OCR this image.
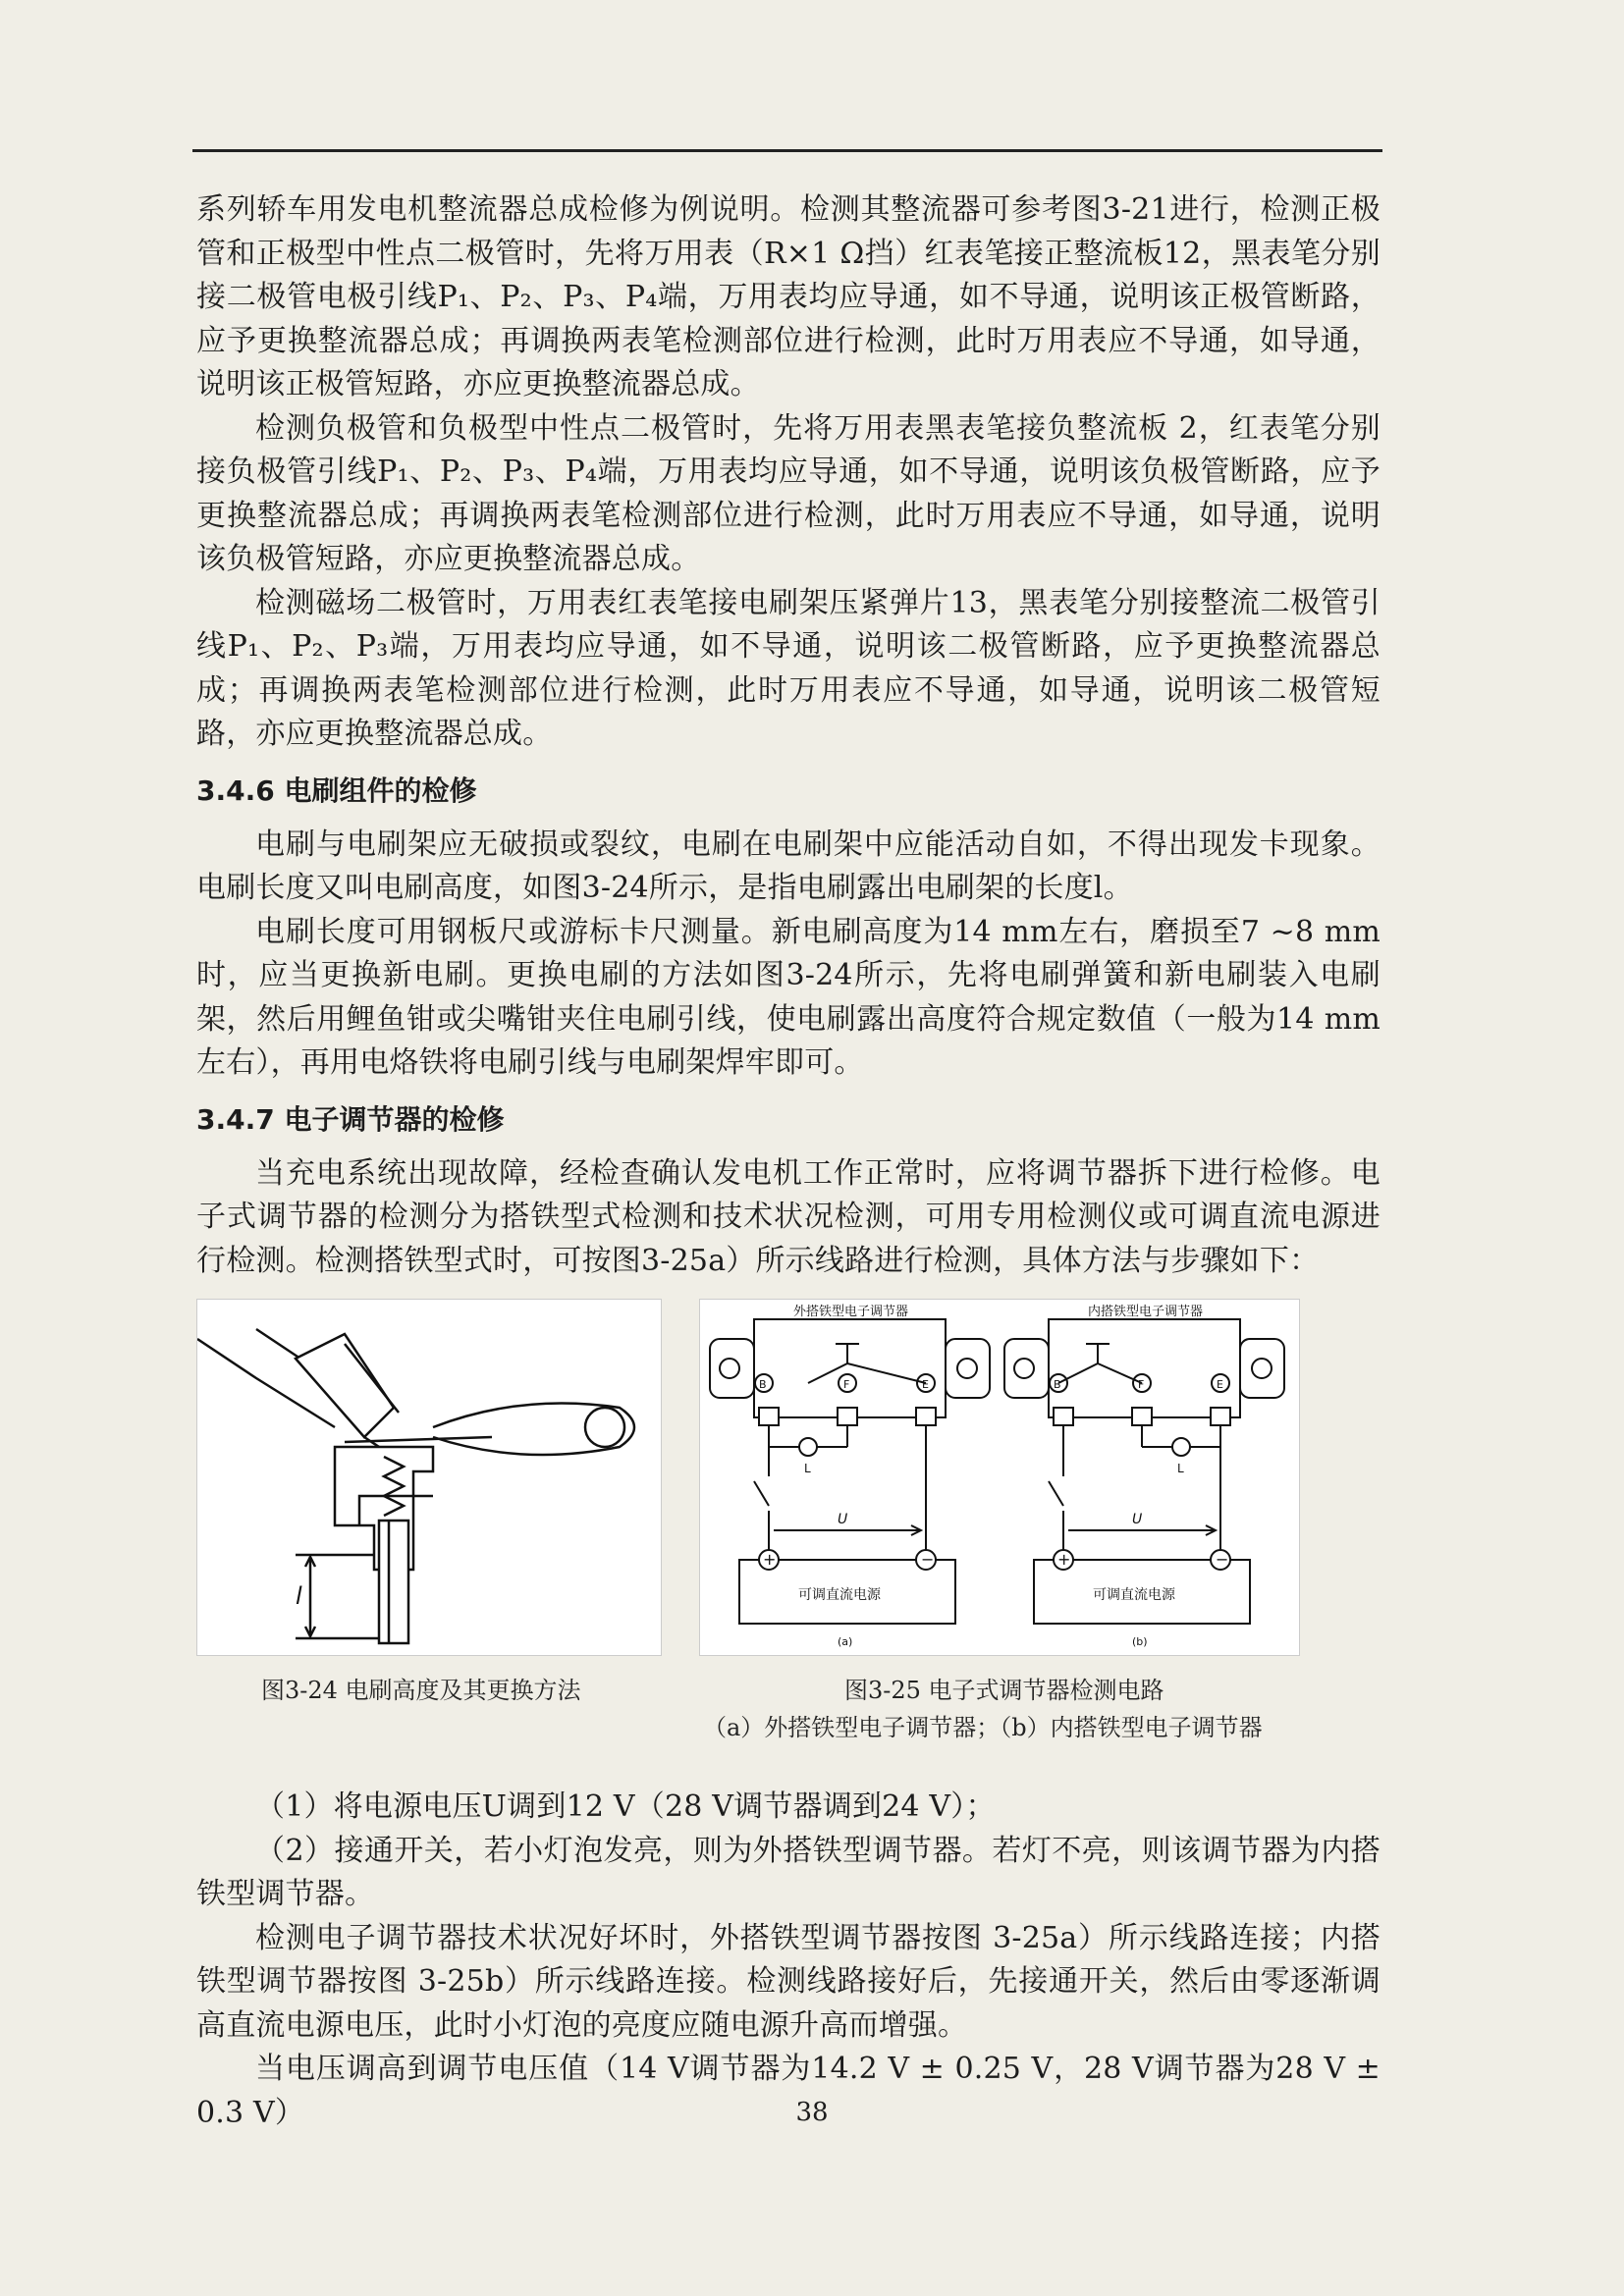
系列轿车用发电机整流器总成检修为例说明。检测其整流器可参考图3-21进行，检测正极管和正极型中性点二极管时，先将万用表（R×1 Ω挡）红表笔接正整流板12，黑表笔分别接二极管电极引线P₁、P₂、P₃、P₄端，万用表均应导通，如不导通，说明该正极管断路，应予更换整流器总成；再调换两表笔检测部位进行检测，此时万用表应不导通，如导通，说明该正极管短路，亦应更换整流器总成。

检测负极管和负极型中性点二极管时，先将万用表黑表笔接负整流板 2，红表笔分别接负极管引线P₁、P₂、P₃、P₄端，万用表均应导通，如不导通，说明该负极管断路，应予更换整流器总成；再调换两表笔检测部位进行检测，此时万用表应不导通，如导通，说明该负极管短路，亦应更换整流器总成。

检测磁场二极管时，万用表红表笔接电刷架压紧弹片13，黑表笔分别接整流二极管引线P₁、P₂、P₃端，万用表均应导通，如不导通，说明该二极管断路，应予更换整流器总成；再调换两表笔检测部位进行检测，此时万用表应不导通，如导通，说明该二极管短路，亦应更换整流器总成。

3.4.6 电刷组件的检修

电刷与电刷架应无破损或裂纹，电刷在电刷架中应能活动自如，不得出现发卡现象。电刷长度又叫电刷高度，如图3-24所示，是指电刷露出电刷架的长度l。

电刷长度可用钢板尺或游标卡尺测量。新电刷高度为14 mm左右，磨损至7 ~8 mm时，应当更换新电刷。更换电刷的方法如图3-24所示，先将电刷弹簧和新电刷装入电刷架，然后用鲤鱼钳或尖嘴钳夹住电刷引线，使电刷露出高度符合规定数值（一般为14 mm左右），再用电烙铁将电刷引线与电刷架焊牢即可。

3.4.7 电子调节器的检修

当充电系统出现故障，经检查确认发电机工作正常时，应将调节器拆下进行检修。电子式调节器的检测分为搭铁型式检测和技术状况检测，可用专用检测仪或可调直流电源进行检测。检测搭铁型式时，可按图3-25a）所示线路进行检测，具体方法与步骤如下：

l
外搭铁型电子调节器	内搭铁型电子调节器
B	F	E	B	F	E
L	L
U	U
+	−	+	−
可调直流电源	可调直流电源
(a)	(b)
图3-24 电刷高度及其更换方法	图3-25 电子式调节器检测电路
（a）外搭铁型电子调节器；（b）内搭铁型电子调节器

（1）将电源电压U调到12 V（28 V调节器调到24 V）；

（2）接通开关，若小灯泡发亮，则为外搭铁型调节器。若灯不亮，则该调节器为内搭铁型调节器。

检测电子调节器技术状况好坏时，外搭铁型调节器按图 3-25a）所示线路连接；内搭铁型调节器按图 3-25b）所示线路连接。检测线路接好后，先接通开关，然后由零逐渐调高直流电源电压，此时小灯泡的亮度应随电源升高而增强。

当电压调高到调节电压值（14 V调节器为14.2 V ± 0.25 V，28 V调节器为28 V ± 0.3 V）	38
